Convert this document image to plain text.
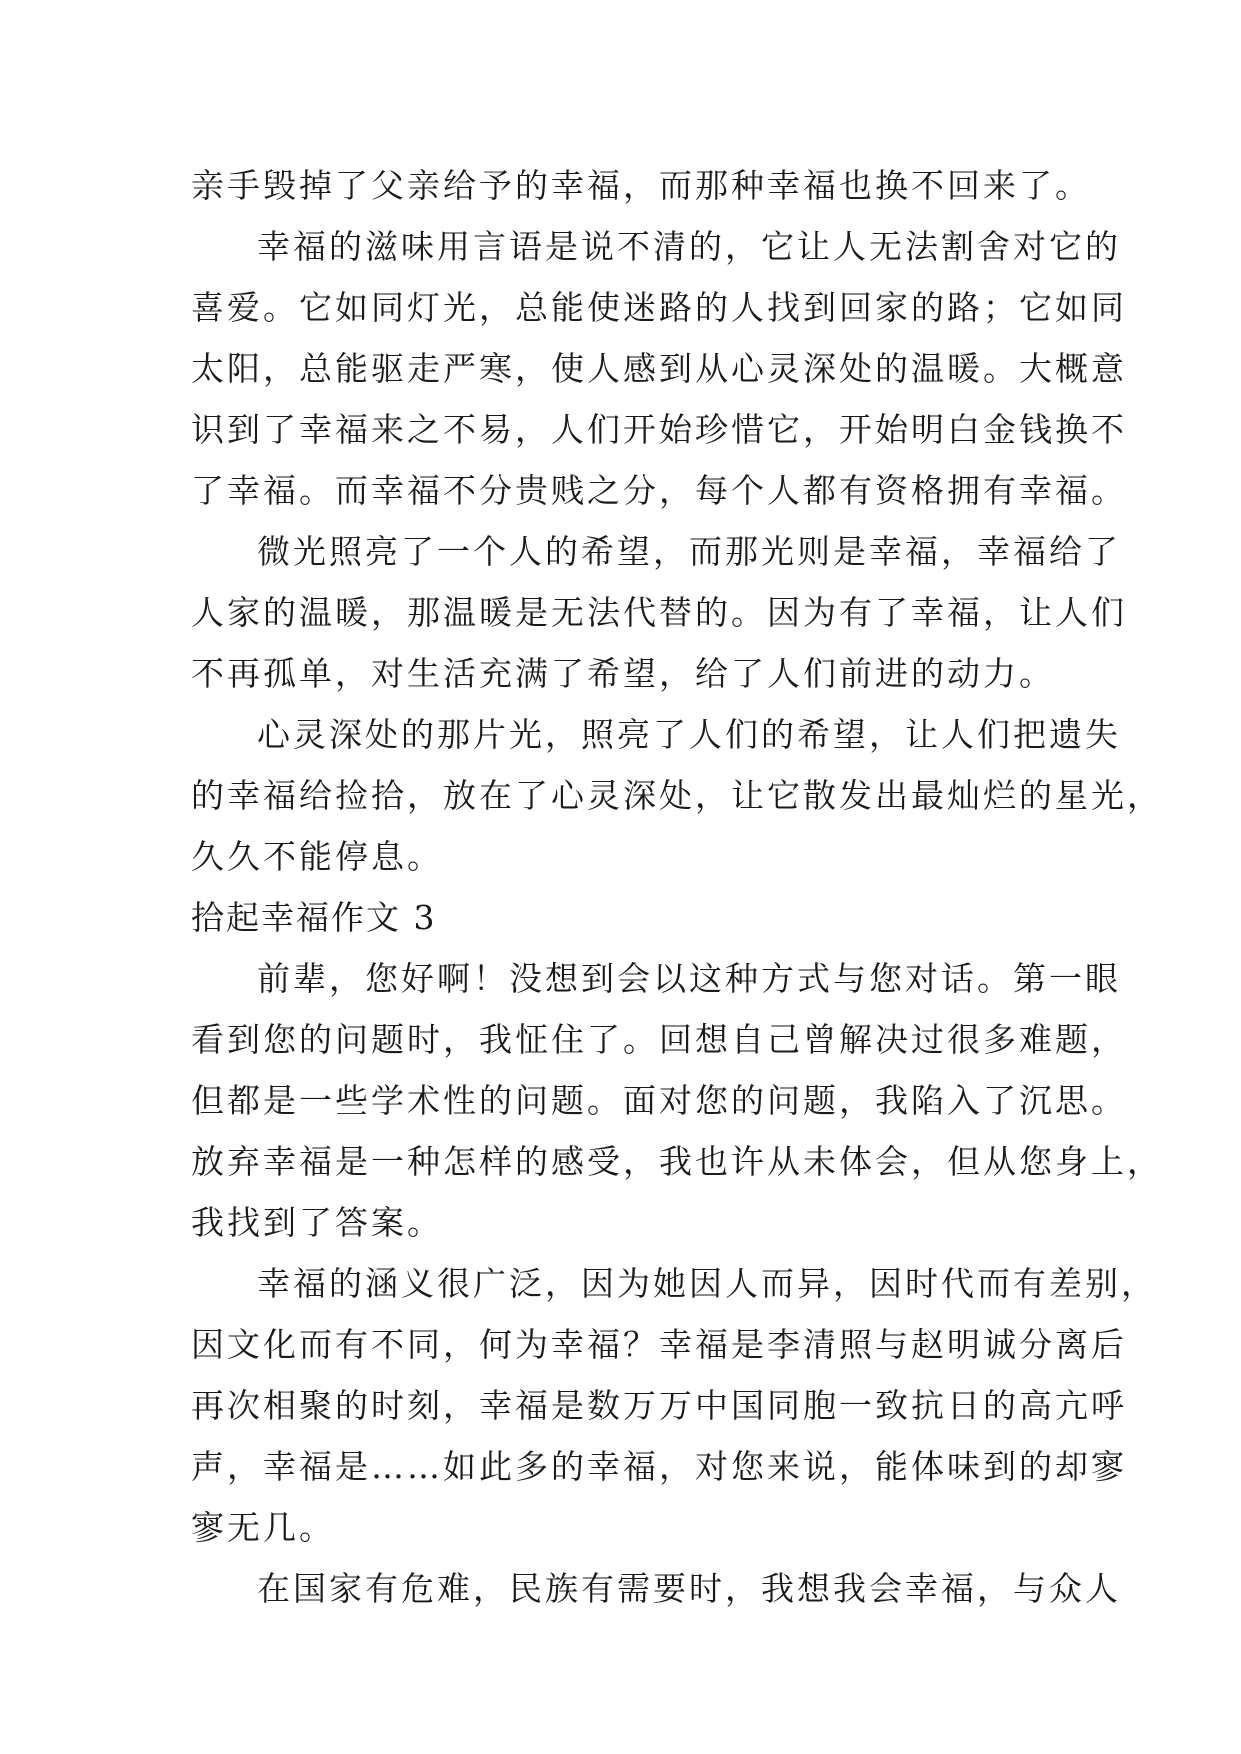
亲手毁掉了父亲给予的幸福，而那种幸福也换不回来了。
幸福的滋味用言语是说不清的，它让人无法割舍对它的
喜爱。它如同灯光，总能使迷路的人找到回家的路；它如同
太阳，总能驱走严寒，使人感到从心灵深处的温暖。大概意
识到了幸福来之不易，人们开始珍惜它，开始明白金钱换不
了幸福。而幸福不分贵贱之分，每个人都有资格拥有幸福。
微光照亮了一个人的希望，而那光则是幸福，幸福给了
人家的温暖，那温暖是无法代替的。因为有了幸福，让人们
不再孤单，对生活充满了希望，给了人们前进的动力。
心灵深处的那片光，照亮了人们的希望，让人们把遗失
的幸福给捡拾，放在了心灵深处，让它散发出最灿烂的星光，
久久不能停息。
拾起幸福作文 3
前辈，您好啊！没想到会以这种方式与您对话。第一眼
看到您的问题时，我怔住了。回想自己曾解决过很多难题，
但都是一些学术性的问题。面对您的问题，我陷入了沉思。
放弃幸福是一种怎样的感受，我也许从未体会，但从您身上，
我找到了答案。
幸福的涵义很广泛，因为她因人而异，因时代而有差别，
因文化而有不同，何为幸福？幸福是李清照与赵明诚分离后
再次相聚的时刻，幸福是数万万中国同胞一致抗日的高亢呼
声，幸福是……如此多的幸福，对您来说，能体味到的却寥
寥无几。
在国家有危难，民族有需要时，我想我会幸福，与众人
